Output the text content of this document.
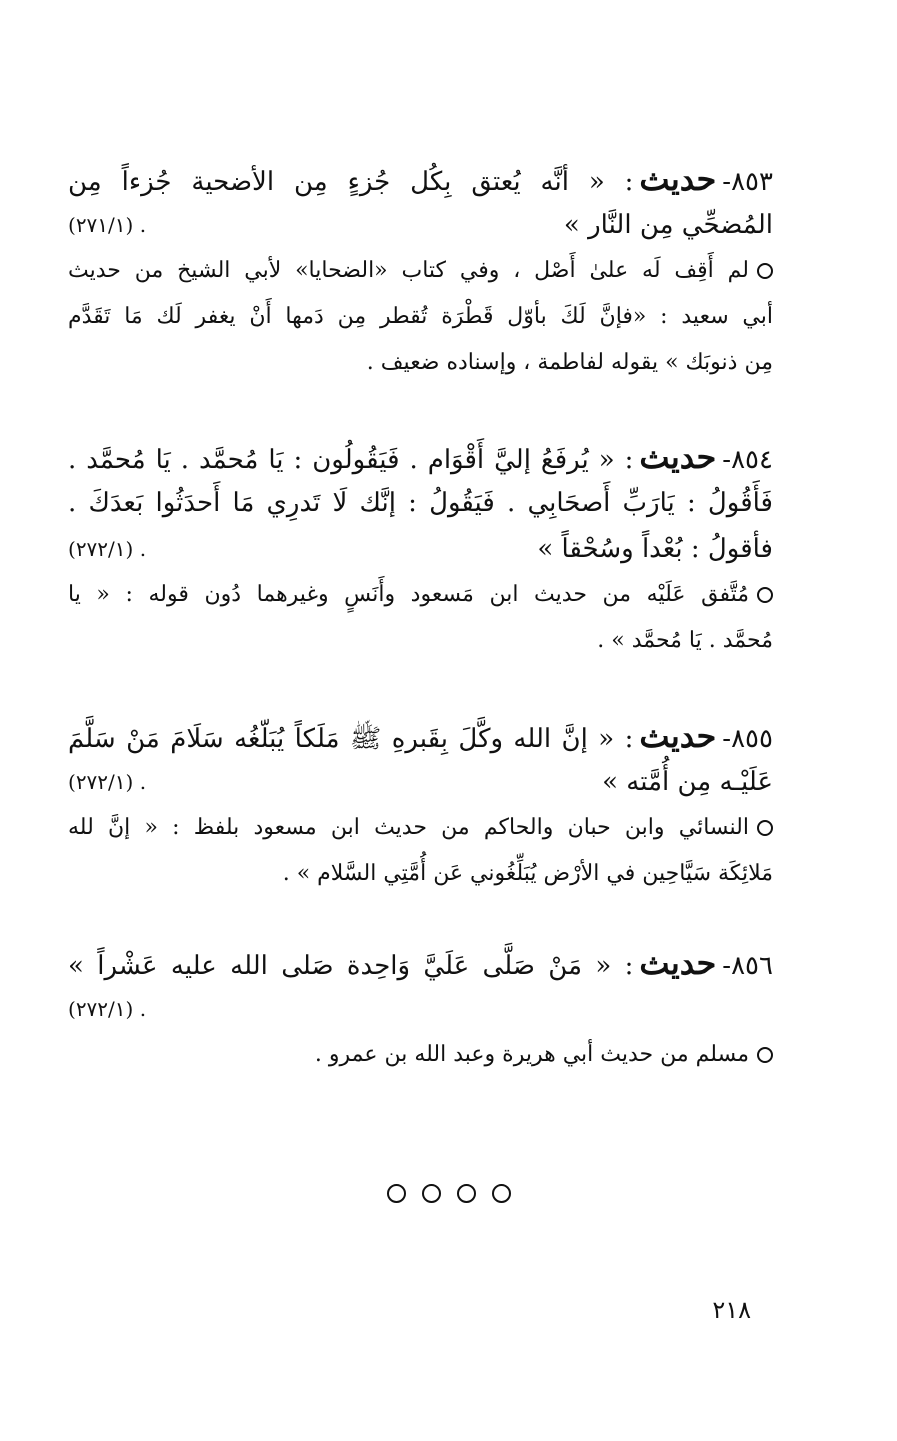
٨٥٣-حديث: « أنَّه يُعتق بِكُل جُزءٍ مِن الأضحية جُزءاً مِن
المُضحِّي مِن النَّار »
. (٢٧١/١)
لم أَقِف لَه علىٰ أَصْل ، وفي كتاب «الضحايا» لأبي الشيخ من حديث
أبي سعيد : «فإنَّ لَكَ بأوّل قَطْرَة تُقطر مِن دَمها أَنْ يغفر لَك مَا تَقَدَّم
مِن ذنوبَك » يقوله لفاطمة ، وإسناده ضعيف .
٨٥٤-حديث: « يُرفَعُ إليَّ أَقْوَام . فَيَقُولُون : يَا مُحمَّد . يَا مُحمَّد .
فَأَقُولُ : يَارَبِّ أَصحَابِي . فَيَقُولُ : إنَّك لَا تَدرِي مَا أَحدَثُوا بَعدَكَ .
فأقولُ : بُعْداً وسُحْقاً »
. (٢٧٢/١)
مُتَّفق عَلَيْه من حديث ابن مَسعود وأَنَسٍ وغيرهما دُون قوله : « يا
مُحمَّد . يَا مُحمَّد » .
٨٥٥-حديث: « إنَّ الله وكَّلَ بِقَبرهِ ﷺ مَلَكاً يُبَلّغُه سَلَامَ مَنْ سَلَّمَ
عَلَيْـه مِن أُمَّته »
. (٢٧٢/١)
النسائي وابن حبان والحاكم من حديث ابن مسعود بلفظ : « إنَّ لله
مَلائِكَة سَيَّاحِين في الأرْض يُبَلِّغُوني عَن أُمَّتِي السَّلام » .
٨٥٦-حديث: « مَنْ صَلَّى عَلَيَّ وَاحِدة صَلى الله عليه عَشْراً »
. (٢٧٢/١)
مسلم من حديث أبي هريرة وعبد الله بن عمرو .
٢١٨
